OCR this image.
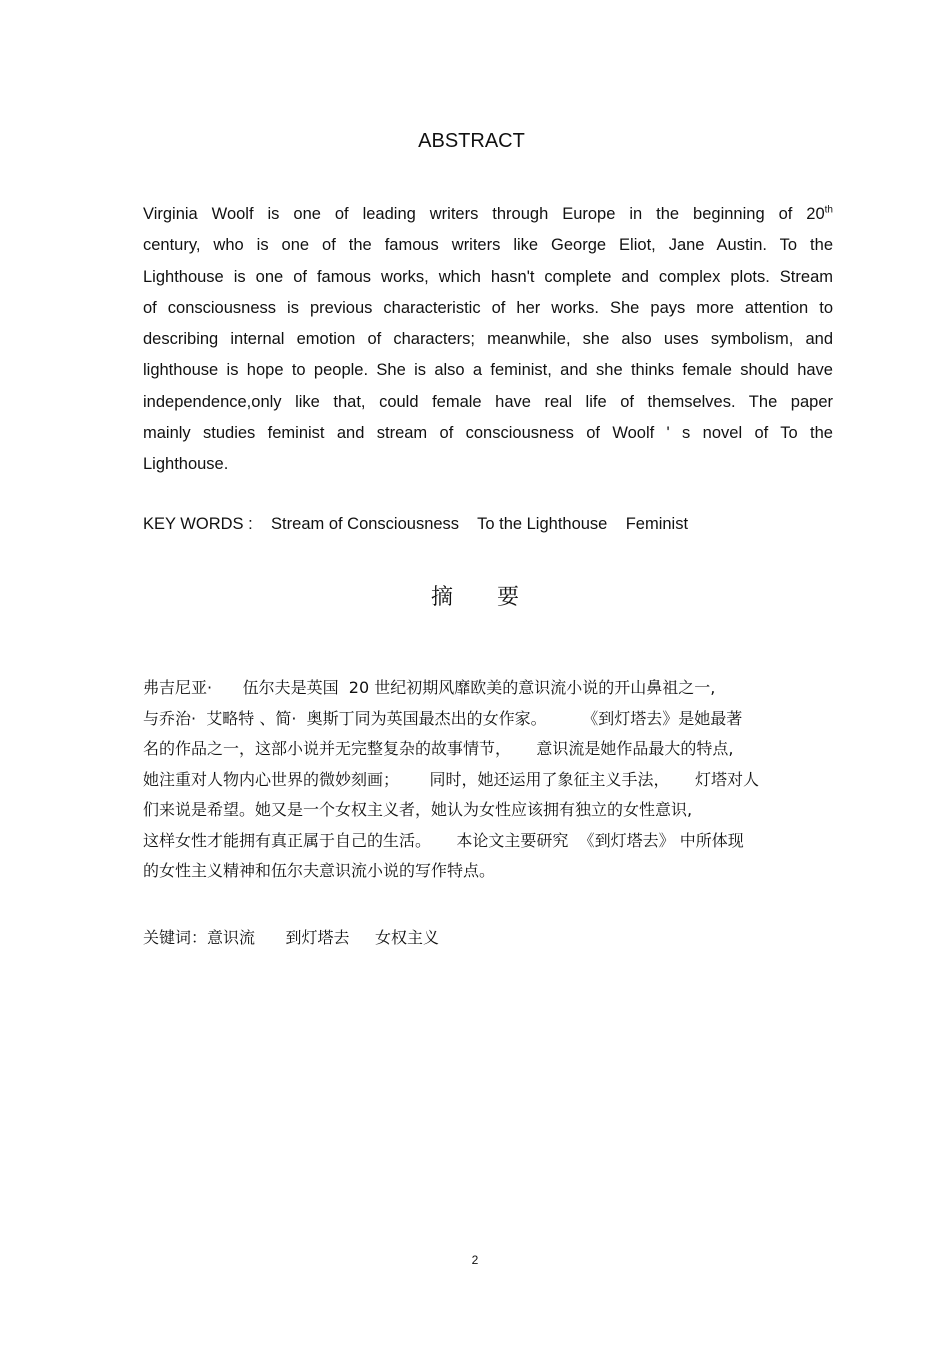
ABSTRACT
Virginia Woolf is one of leading writers through Europe in the beginning of 20th
century, who is one of the famous writers like George Eliot, Jane Austin. To the
Lighthouse is one of famous works, which hasn't complete and complex plots. Stream
of consciousness is previous characteristic of her works. She pays more attention to
describing internal emotion of characters; meanwhile, she also uses symbolism, and
lighthouse is hope to people. She is also a feminist, and she thinks female should have
independence,only like that, could female have real life of themselves. The paper
mainly studies feminist and stream of consciousness of Woolf ' s novel of To the
Lighthouse.
KEY WORDS :    Stream of Consciousness    To the Lighthouse    Feminist
摘要
弗吉尼亚·      伍尔夫是英国  20 世纪初期风靡欧美的意识流小说的开山鼻祖之一,
与乔治·  艾略特 、简·  奥斯丁同为英国最杰出的女作家。       《到灯塔去》是她最著
名的作品之一，这部小说并无完整复杂的故事情节，     意识流是她作品最大的特点,
她注重对人物内心世界的微妙刻画；      同时，她还运用了象征主义手法，     灯塔对人
们来说是希望。她又是一个女权主义者，她认为女性应该拥有独立的女性意识,
这样女性才能拥有真正属于自己的生活。     本论文主要研究  《到灯塔去》 中所体现
的女性主义精神和伍尔夫意识流小说的写作特点。
关键词：意识流      到灯塔去     女权主义
2
